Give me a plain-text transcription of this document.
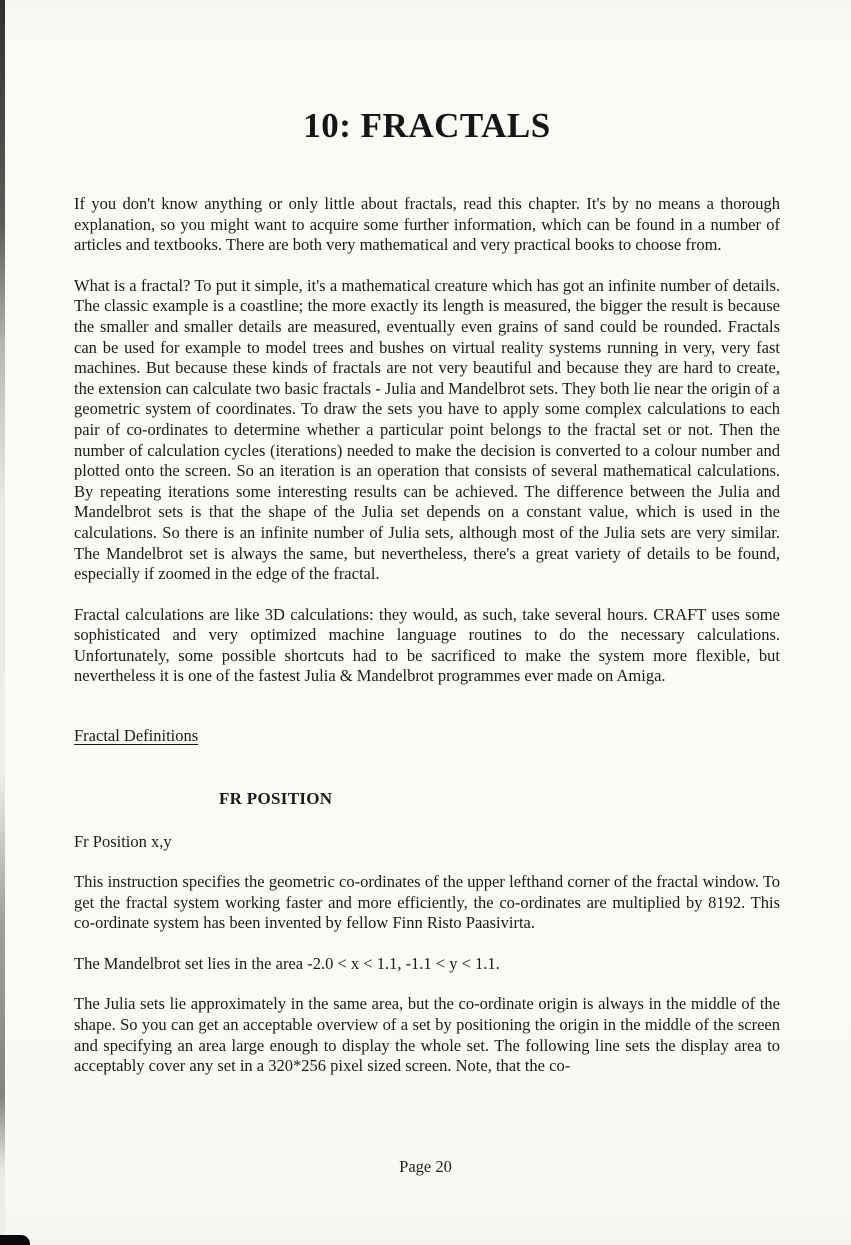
10: FRACTALS

If you don't know anything or only little about fractals, read this chapter. It's by no means a thorough explanation, so you might want to acquire some further information, which can be found in a number of articles and textbooks. There are both very mathematical and very practical books to choose from.

What is a fractal? To put it simple, it's a mathematical creature which has got an infinite number of details. The classic example is a coastline; the more exactly its length is measured, the bigger the result is because the smaller and smaller details are measured, eventually even grains of sand could be rounded. Fractals can be used for example to model trees and bushes on virtual reality systems running in very, very fast machines. But because these kinds of fractals are not very beautiful and because they are hard to create, the extension can calculate two basic fractals - Julia and Mandelbrot sets. They both lie near the origin of a geometric system of coordinates. To draw the sets you have to apply some complex calculations to each pair of co-ordinates to determine whether a particular point belongs to the fractal set or not. Then the number of calculation cycles (iterations) needed to make the decision is converted to a colour number and plotted onto the screen. So an iteration is an operation that consists of several mathematical calculations. By repeating iterations some interesting results can be achieved. The difference between the Julia and Mandelbrot sets is that the shape of the Julia set depends on a constant value, which is used in the calculations. So there is an infinite number of Julia sets, although most of the Julia sets are very similar. The Mandelbrot set is always the same, but nevertheless, there's a great variety of details to be found, especially if zoomed in the edge of the fractal.

Fractal calculations are like 3D calculations: they would, as such, take several hours. CRAFT uses some sophisticated and very optimized machine language routines to do the necessary calculations. Unfortunately, some possible shortcuts had to be sacrificed to make the system more flexible, but nevertheless it is one of the fastest Julia & Mandelbrot programmes ever made on Amiga.

Fractal Definitions
FR POSITION

Fr Position x,y

This instruction specifies the geometric co-ordinates of the upper lefthand corner of the fractal window. To get the fractal system working faster and more efficiently, the co-ordinates are multiplied by 8192. This co-ordinate system has been invented by fellow Finn Risto Paasivirta.

The Mandelbrot set lies in the area -2.0 < x < 1.1, -1.1 < y < 1.1.

The Julia sets lie approximately in the same area, but the co-ordinate origin is always in the middle of the shape. So you can get an acceptable overview of a set by positioning the origin in the middle of the screen and specifying an area large enough to display the whole set. The following line sets the display area to acceptably cover any set in a 320*256 pixel sized screen. Note, that the co-

Page 20
